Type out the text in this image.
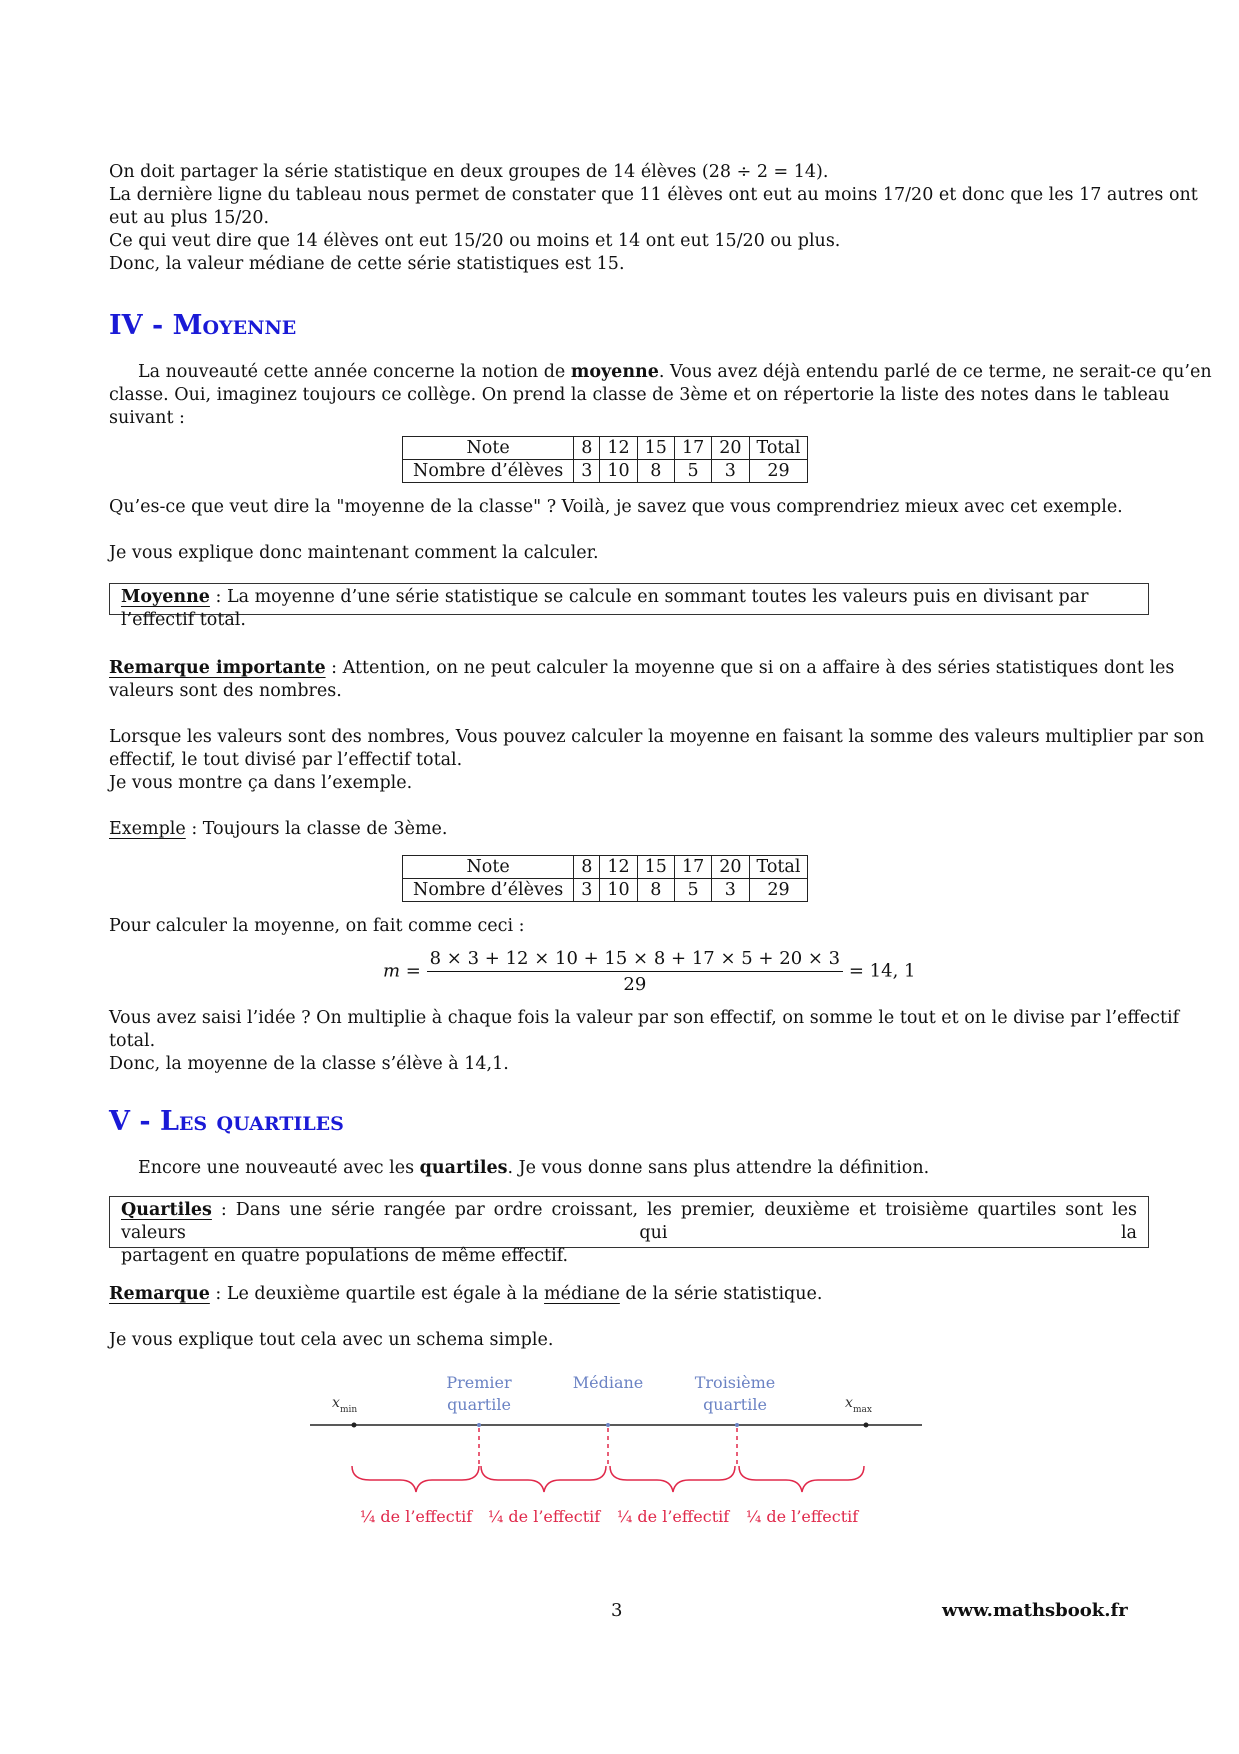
On doit partager la série statistique en deux groupes de 14 élèves (28 ÷ 2 = 14).

La dernière ligne du tableau nous permet de constater que 11 élèves ont eut au moins 17/20 et donc que les 17 autres ont

eut au plus 15/20.

Ce qui veut dire que 14 élèves ont eut 15/20 ou moins et 14 ont eut 15/20 ou plus.

Donc, la valeur médiane de cette série statistiques est 15.

IV - Moyenne

La nouveauté cette année concerne la notion de moyenne. Vous avez déjà entendu parlé de ce terme, ne serait-ce qu’en

classe. Oui, imaginez toujours ce collège. On prend la classe de 3ème et on répertorie la liste des notes dans le tableau

suivant :

Note	8	12	15	17	20	Total
Nombre d’élèves	3	10	8	5	3	29

Qu’es-ce que veut dire la "moyenne de la classe" ? Voilà, je savez que vous comprendriez mieux avec cet exemple.

Je vous explique donc maintenant comment la calculer.

Moyenne : La moyenne d’une série statistique se calcule en sommant toutes les valeurs puis en divisant par l’effectif total.

Remarque importante : Attention, on ne peut calculer la moyenne que si on a affaire à des séries statistiques dont les

valeurs sont des nombres.

Lorsque les valeurs sont des nombres, Vous pouvez calculer la moyenne en faisant la somme des valeurs multiplier par son

effectif, le tout divisé par l’effectif total.

Je vous montre ça dans l’exemple.

Exemple : Toujours la classe de 3ème.

Note	8	12	15	17	20	Total
Nombre d’élèves	3	10	8	5	3	29

Pour calculer la moyenne, on fait comme ceci :

$m = \frac{8 \times 3 + 12 \times 10 + 15 \times 8 + 17 \times 5 + 20 \times 3}{29} = 14$, 1

Vous avez saisi l’idée ? On multiplie à chaque fois la valeur par son effectif, on somme le tout et on le divise par l’effectif

total.

Donc, la moyenne de la classe s’élève à 14,1.

V - Les quartiles

Encore une nouveauté avec les quartiles. Je vous donne sans plus attendre la définition.

Quartiles : Dans une série rangée par ordre croissant, les premier, deuxième et troisième quartiles sont les valeurs qui la
partagent en quatre populations de même effectif.

Remarque : Le deuxième quartile est égale à la médiane de la série statistique.

Je vous explique tout cela avec un schema simple.

x min	x max
Premier
quartile
Médiane	Troisième
quartile
¼ de l’effectif ¼ de l’effectif ¼ de l’effectif ¼ de l’effectif
3	www.mathsbook.fr
